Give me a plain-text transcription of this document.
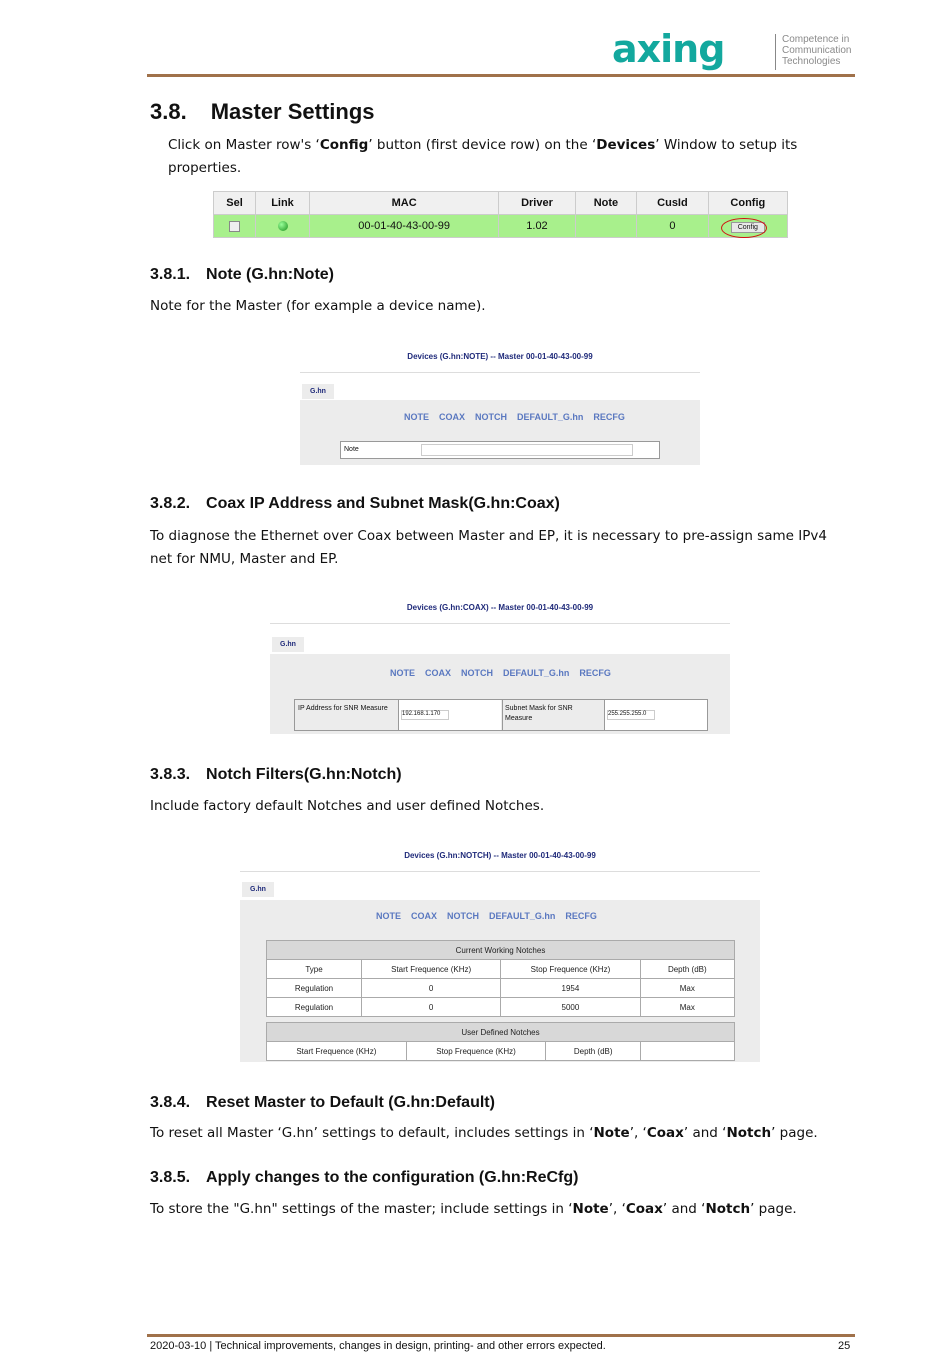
axing	Competence in
Communication
Technologies
3.8. Master Settings

Click on Master row's ‘Config’ button (first device row) on the ‘Devices’ Window to setup its properties.

Sel	Link	MAC	Driver	Note	CusId	Config
		00-01-40-43-00-99	1.02		0	Config
3.8.1. Note (G.hn:Note)

Note for the Master (for example a device name).

Devices (G.hn:NOTE) -- Master 00-01-40-43-00-99
G.hn
NOTE COAX NOTCH DEFAULT_G.hn RECFG
Note
3.8.2. Coax IP Address and Subnet Mask(G.hn:Coax)

To diagnose the Ethernet over Coax between Master and EP, it is necessary to pre-assign same IPv4 net for NMU, Master and EP.

Devices (G.hn:COAX) -- Master 00-01-40-43-00-99
G.hn
NOTE COAX NOTCH DEFAULT_G.hn RECFG
IP Address for SNR Measure
192.168.1.170
Subnet Mask for SNR Measure
255.255.255.0
3.8.3. Notch Filters(G.hn:Notch)

Include factory default Notches and user defined Notches.

Devices (G.hn:NOTCH) -- Master 00-01-40-43-00-99
G.hn
NOTE COAX NOTCH DEFAULT_G.hn RECFG
Current Working Notches			
Type	Start Frequence (KHz)	Stop Frequence (KHz)	Depth (dB)
Regulation	0	1954	Max
Regulation	0	5000	Max
User Defined Notches
Start Frequence (KHz)	Stop Frequence (KHz)	Depth (dB)	
3.8.4. Reset Master to Default (G.hn:Default)

To reset all Master ‘G.hn’ settings to default, includes settings in ‘Note’, ‘Coax’ and ‘Notch’ page.

3.8.5. Apply changes to the configuration (G.hn:ReCfg)

To store the "G.hn" settings of the master; include settings in ‘Note’, ‘Coax’ and ‘Notch’ page.

2020-03-10 | Technical improvements, changes in design, printing- and other errors expected.	25
